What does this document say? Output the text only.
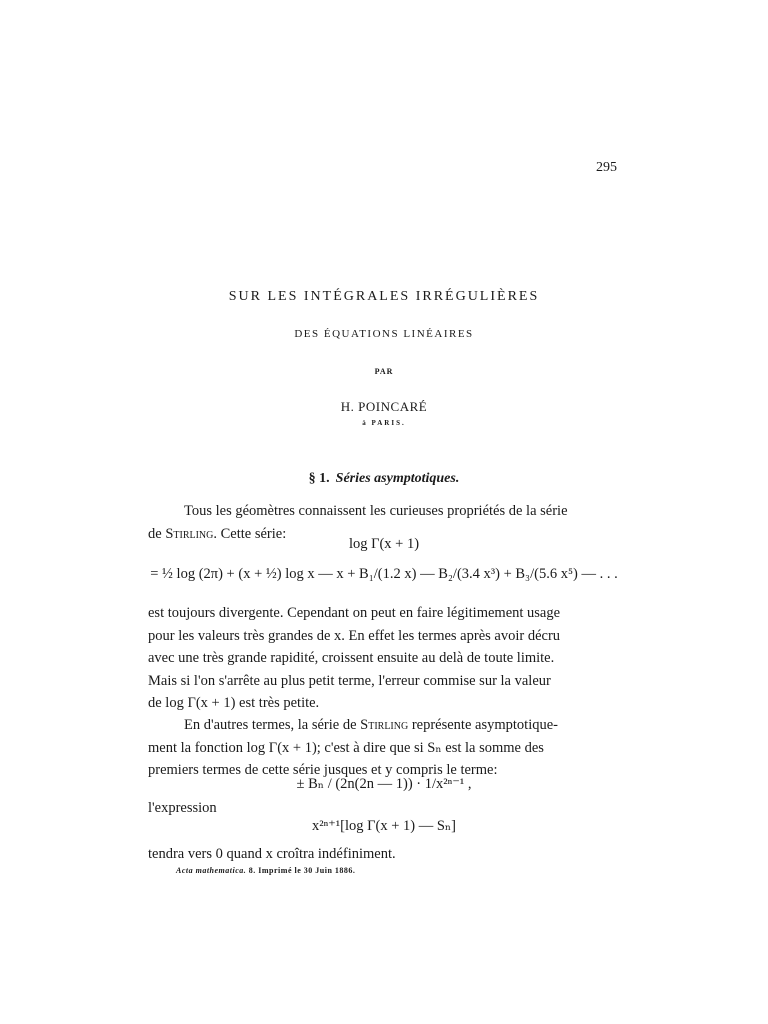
295
SUR LES INTÉGRALES IRRÉGULIÈRES
DES ÉQUATIONS LINÉAIRES
PAR
H. POINCARÉ
à PARIS.
§ 1. Séries asymptotiques.
Tous les géomètres connaissent les curieuses propriétés de la série
de Stirling. Cette série:
log Γ(x + 1)
= ½ log (2π) + (x + ½) log x — x + B₁/(1.2 x) — B₂/(3.4 x³) + B₃/(5.6 x⁵) — . . .
est toujours divergente. Cependant on peut en faire légitimement usage
pour les valeurs très grandes de x. En effet les termes après avoir décru
avec une très grande rapidité, croissent ensuite au delà de toute limite.
Mais si l'on s'arrête au plus petit terme, l'erreur commise sur la valeur
de log Γ(x + 1) est très petite.
En d'autres termes, la série de Stirling représente asymptotique-
ment la fonction log Γ(x + 1); c'est à dire que si Sₙ est la somme des
premiers termes de cette série jusques et y compris le terme:
± Bₙ / (2n(2n — 1)) · 1/x²ⁿ⁻¹ ,
l'expression
x²ⁿ⁺¹[log Γ(x + 1) — Sₙ]
tendra vers 0 quand x croîtra indéfiniment.
Acta mathematica. 8. Imprimé le 30 Juin 1886.
